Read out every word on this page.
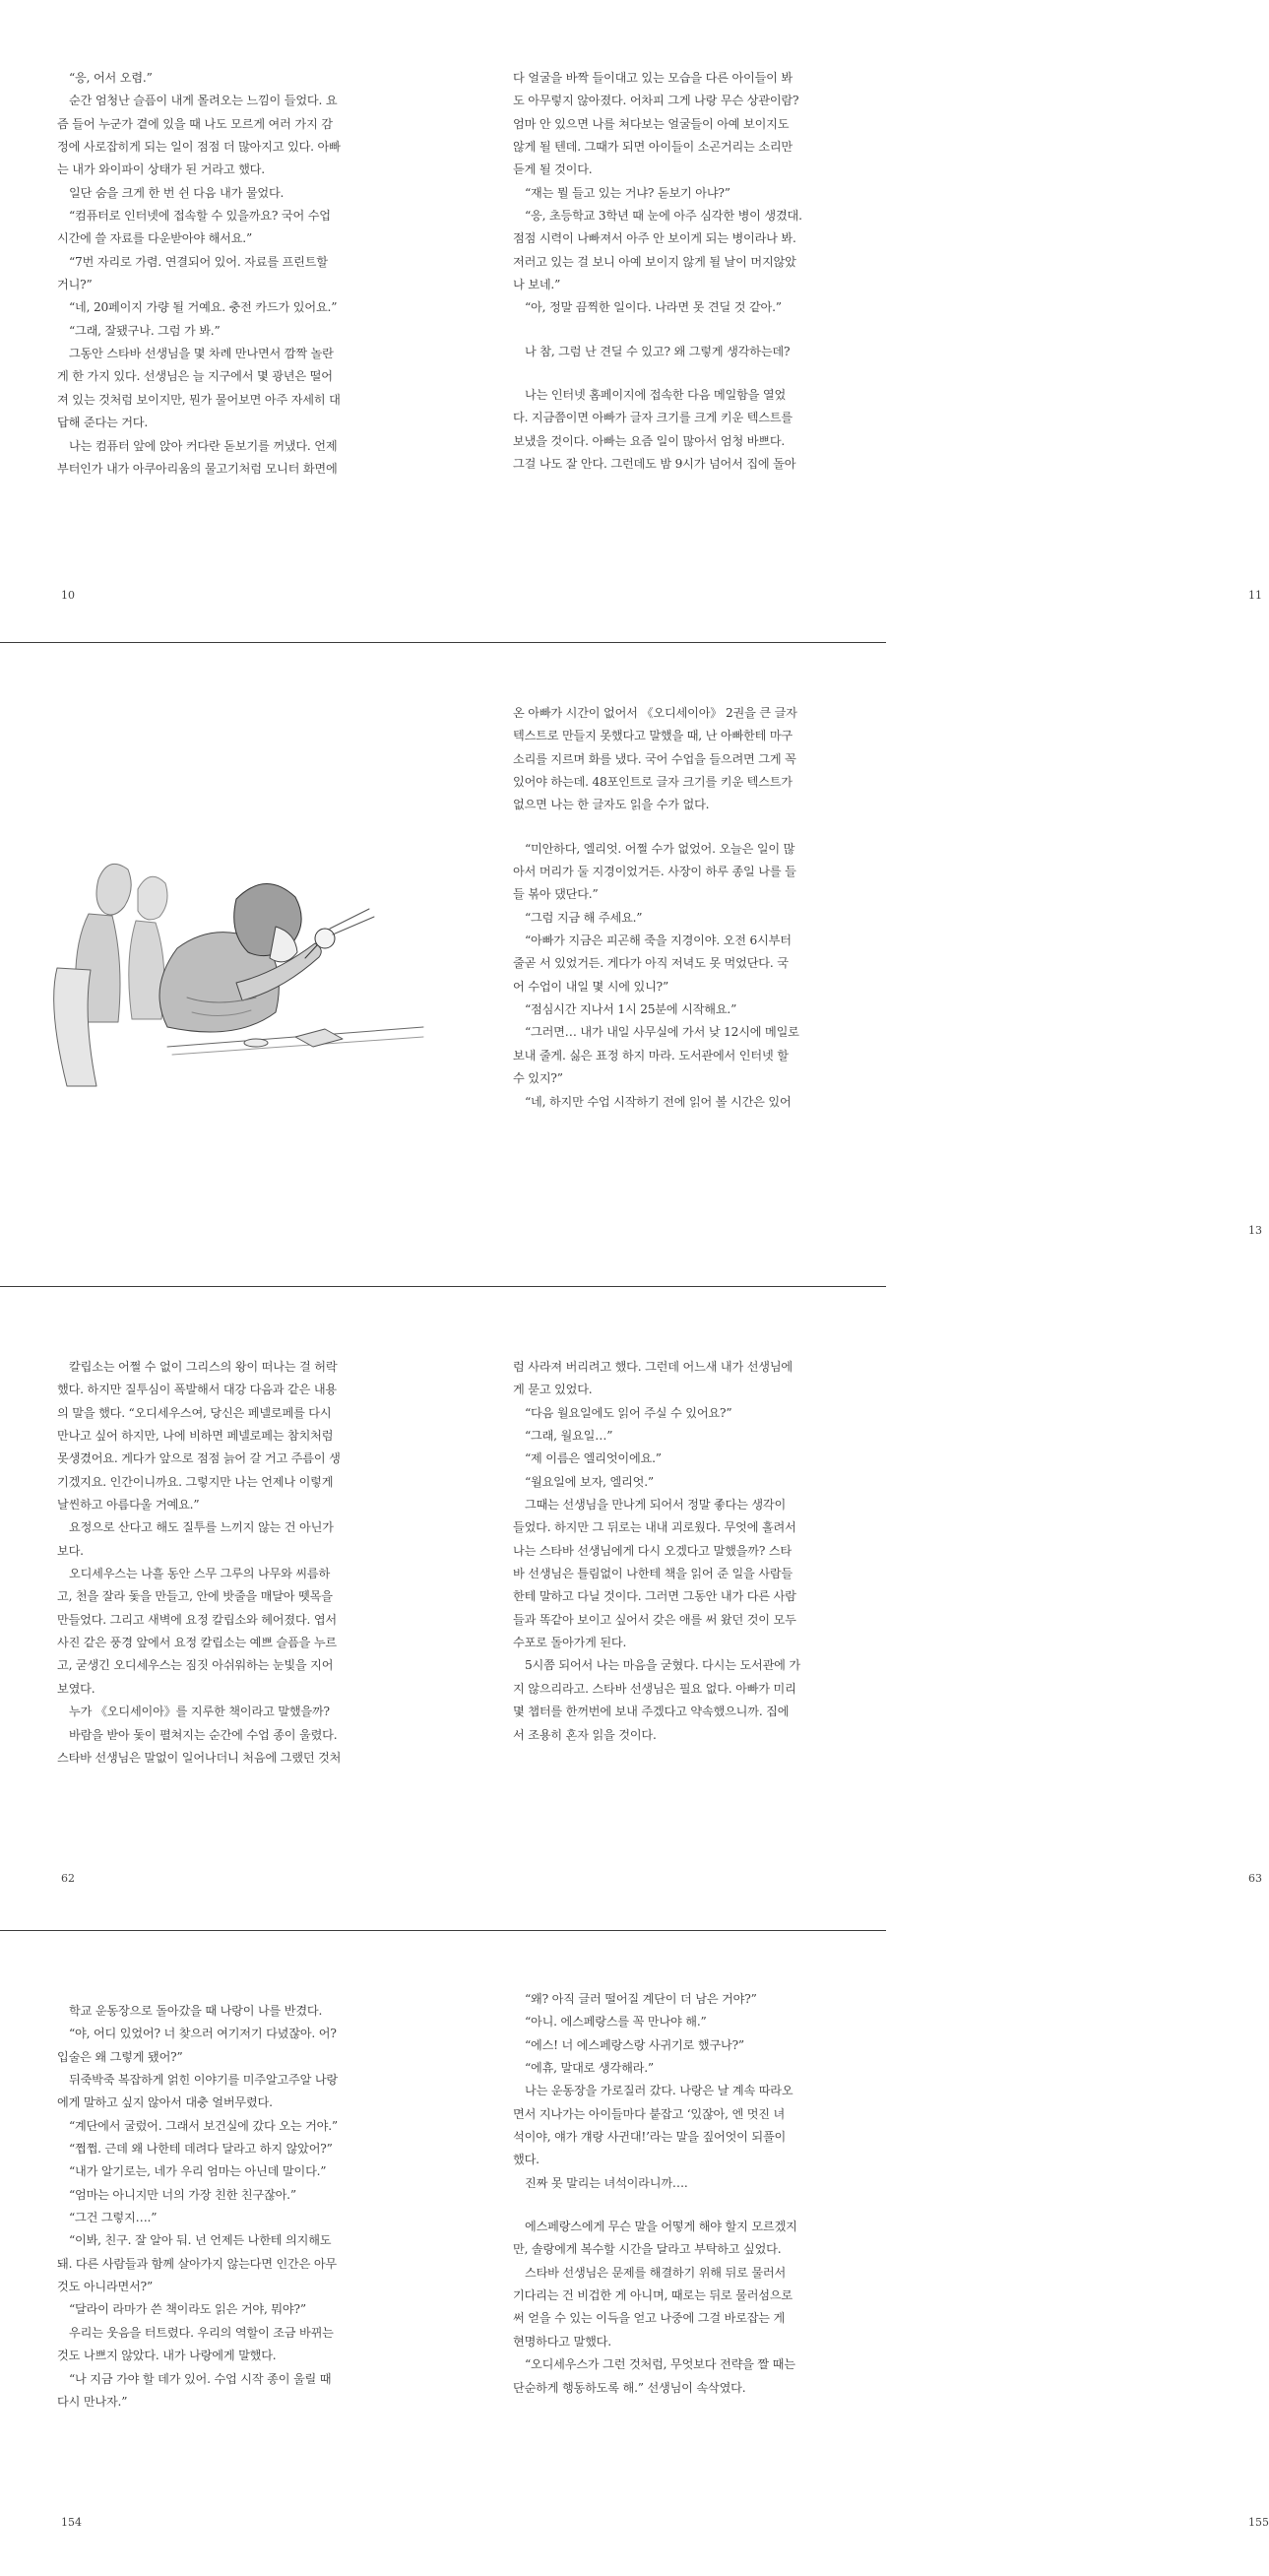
“응, 어서 오렴.”
순간 엄청난 슬픔이 내게 몰려오는 느낌이 들었다. 요
즘 들어 누군가 곁에 있을 때 나도 모르게 여러 가지 감
정에 사로잡히게 되는 일이 점점 더 많아지고 있다. 아빠
는 내가 와이파이 상태가 된 거라고 했다.
일단 숨을 크게 한 번 쉰 다음 내가 물었다.
“컴퓨터로 인터넷에 접속할 수 있을까요? 국어 수업
시간에 쓸 자료를 다운받아야 해서요.”
“7번 자리로 가렴. 연결되어 있어. 자료를 프린트할
거니?”
“네, 20페이지 가량 될 거예요. 충전 카드가 있어요.”
“그래, 잘됐구나. 그럼 가 봐.”
그동안 스타바 선생님을 몇 차례 만나면서 깜짝 놀란
게 한 가지 있다. 선생님은 늘 지구에서 몇 광년은 떨어
져 있는 것처럼 보이지만, 뭔가 물어보면 아주 자세히 대
답해 준다는 거다.
나는 컴퓨터 앞에 앉아 커다란 돋보기를 꺼냈다. 언제
부터인가 내가 아쿠아리움의 물고기처럼 모니터 화면에
10
다 얼굴을 바짝 들이대고 있는 모습을 다른 아이들이 봐
도 아무렇지 않아졌다. 어차피 그게 나랑 무슨 상관이람?
엄마 안 있으면 나를 쳐다보는 얼굴들이 아예 보이지도
않게 될 텐데. 그때가 되면 아이들이 소곤거리는 소리만
듣게 될 것이다.
“재는 뭘 들고 있는 거냐? 돋보기 아냐?”
“응, 초등학교 3학년 때 눈에 아주 심각한 병이 생겼대.
점점 시력이 나빠져서 아주 안 보이게 되는 병이라나 봐.
저러고 있는 걸 보니 아예 보이지 않게 될 날이 머지않았
나 보네.”
“아, 정말 끔찍한 일이다. 나라면 못 견딜 것 같아.”
나 참, 그럼 난 견딜 수 있고? 왜 그렇게 생각하는데?
나는 인터넷 홈페이지에 접속한 다음 메일함을 열었
다. 지금쯤이면 아빠가 글자 크기를 크게 키운 텍스트를
보냈을 것이다. 아빠는 요즘 일이 많아서 엄청 바쁘다.
그걸 나도 잘 안다. 그런데도 밤 9시가 넘어서 집에 돌아
11
온 아빠가 시간이 없어서 《오디세이아》 2권을 큰 글자
텍스트로 만들지 못했다고 말했을 때, 난 아빠한테 마구
소리를 지르며 화를 냈다. 국어 수업을 들으려면 그게 꼭
있어야 하는데. 48포인트로 글자 크기를 키운 텍스트가
없으면 나는 한 글자도 읽을 수가 없다.
“미안하다, 엘리엇. 어쩔 수가 없었어. 오늘은 일이 많
아서 머리가 둘 지경이었거든. 사장이 하루 종일 나를 들
들 볶아 댔단다.”
“그럼 지금 해 주세요.”
“아빠가 지금은 피곤해 죽을 지경이야. 오전 6시부터
줄곧 서 있었거든. 게다가 아직 저녁도 못 먹었단다. 국
어 수업이 내일 몇 시에 있니?”
“점심시간 지나서 1시 25분에 시작해요.”
“그러면… 내가 내일 사무실에 가서 낮 12시에 메일로
보내 줄게. 싫은 표정 하지 마라. 도서관에서 인터넷 할
수 있지?”
“네, 하지만 수업 시작하기 전에 읽어 볼 시간은 있어
13
칼립소는 어쩔 수 없이 그리스의 왕이 떠나는 걸 허락
했다. 하지만 질투심이 폭발해서 대강 다음과 같은 내용
의 말을 했다. “오디세우스여, 당신은 페넬로페를 다시
만나고 싶어 하지만, 나에 비하면 페넬로페는 참치처럼
못생겼어요. 게다가 앞으로 점점 늙어 갈 거고 주름이 생
기겠지요. 인간이니까요. 그렇지만 나는 언제나 이렇게
날씬하고 아름다울 거예요.”
요정으로 산다고 해도 질투를 느끼지 않는 건 아닌가
보다.
오디세우스는 나흘 동안 스무 그루의 나무와 씨름하
고, 천을 잘라 돛을 만들고, 안에 밧줄을 매달아 뗏목을
만들었다. 그리고 새벽에 요정 칼립소와 헤어졌다. 엽서
사진 같은 풍경 앞에서 요정 칼립소는 예쁘 슬픔을 누르
고, 굳생긴 오디세우스는 짐짓 아쉬워하는 눈빛을 지어
보였다.
누가 《오디세이아》를 지루한 책이라고 말했을까?
바람을 받아 돛이 펼쳐지는 순간에 수업 종이 울렸다.
스타바 선생님은 말없이 일어나더니 처음에 그랬던 것처
62
럼 사라져 버리려고 했다. 그런데 어느새 내가 선생님에
게 묻고 있었다.
“다음 월요일에도 읽어 주실 수 있어요?”
“그래, 월요일…”
“제 이름은 엘리엇이에요.”
“월요일에 보자, 엘리엇.”
그때는 선생님을 만나게 되어서 정말 좋다는 생각이
들었다. 하지만 그 뒤로는 내내 괴로웠다. 무엇에 홀려서
나는 스타바 선생님에게 다시 오겠다고 말했을까? 스타
바 선생님은 틀림없이 나한테 책을 읽어 준 일을 사람들
한테 말하고 다닐 것이다. 그러면 그동안 내가 다른 사람
들과 똑같아 보이고 싶어서 갖은 애를 써 왔던 것이 모두
수포로 돌아가게 된다.
5시쯤 되어서 나는 마음을 굳혔다. 다시는 도서관에 가
지 않으리라고. 스타바 선생님은 필요 없다. 아빠가 미리
몇 챕터를 한꺼번에 보내 주겠다고 약속했으니까. 집에
서 조용히 혼자 읽을 것이다.
63
학교 운동장으로 돌아갔을 때 나랑이 나를 반겼다.
“야, 어디 있었어? 너 찾으러 여기저기 다녔잖아. 어?
입술은 왜 그렇게 됐어?”
뒤죽박죽 복잡하게 얽힌 이야기를 미주알고주알 나랑
에게 말하고 싶지 않아서 대충 얼버무렸다.
“계단에서 굴렀어. 그래서 보건실에 갔다 오는 거야.”
“쩝쩝. 근데 왜 나한테 데려다 달라고 하지 않았어?”
“내가 알기로는, 네가 우리 엄마는 아닌데 말이다.”
“엄마는 아니지만 너의 가장 친한 친구잖아.”
“그건 그렇지….”
“이봐, 친구. 잘 알아 둬. 넌 언제든 나한테 의지해도
돼. 다른 사람들과 함께 살아가지 않는다면 인간은 아무
것도 아니라면서?”
“달라이 라마가 쓴 책이라도 읽은 거야, 뭐야?”
우리는 웃음을 터트렸다. 우리의 역할이 조금 바뀌는
것도 나쁘지 않았다. 내가 나랑에게 말했다.
“나 지금 가야 할 데가 있어. 수업 시작 종이 울릴 때
다시 만나자.”
154
“왜? 아직 글러 떨어질 계단이 더 남은 거야?”
“아니. 에스페랑스를 꼭 만나야 해.”
“에스! 너 에스페랑스랑 사귀기로 했구나?”
“에휴, 말대로 생각해라.”
나는 운동장을 가로질러 갔다. 나랑은 날 계속 따라오
면서 지나가는 아이들마다 붙잡고 ‘있잖아, 엔 멋진 녀
석이야, 얘가 걔랑 사귄대!’라는 말을 짚어엇이 되풀이
했다.
진짜 못 말리는 녀석이라니까….
에스페랑스에게 무슨 말을 어떻게 해야 할지 모르겠지
만, 솔랑에게 복수할 시간을 달라고 부탁하고 싶었다.
스타바 선생님은 문제를 해결하기 위해 뒤로 물러서
기다리는 건 비겁한 게 아니며, 때로는 뒤로 물러섬으로
써 얻을 수 있는 이득을 얻고 나중에 그걸 바로잡는 게
현명하다고 말했다.
“오디세우스가 그런 것처럼, 무엇보다 전략을 짤 때는
단순하게 행동하도록 해.” 선생님이 속삭였다.
155
